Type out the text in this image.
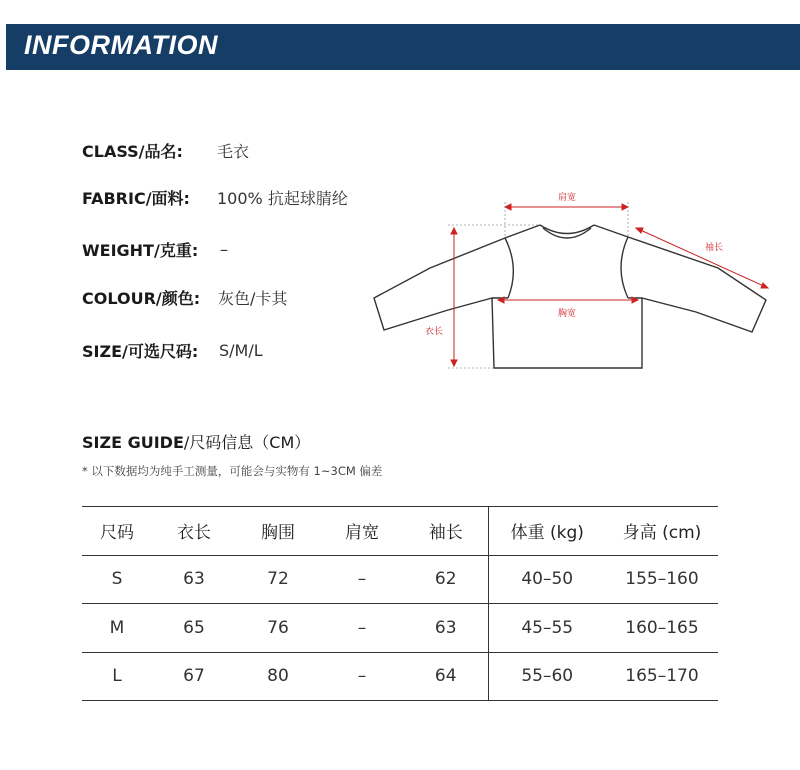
INFORMATION
CLASS/品名: 毛衣
FABRIC/面料: 100% 抗起球腈纶
WEIGHT/克重: –
COLOUR/颜色: 灰色/卡其
SIZE/可选尺码: S/M/L
肩宽
胸宽
衣长
袖长
SIZE GUIDE/尺码信息（CM）
* 以下数据均为纯手工测量，可能会与实物有 1~3CM 偏差
尺码	衣长	胸围	肩宽	袖长	体重 (kg)	身高 (cm)
S	63	72	–	62	40–50	155–160
M	65	76	–	63	45–55	160–165
L	67	80	–	64	55–60	165–170
